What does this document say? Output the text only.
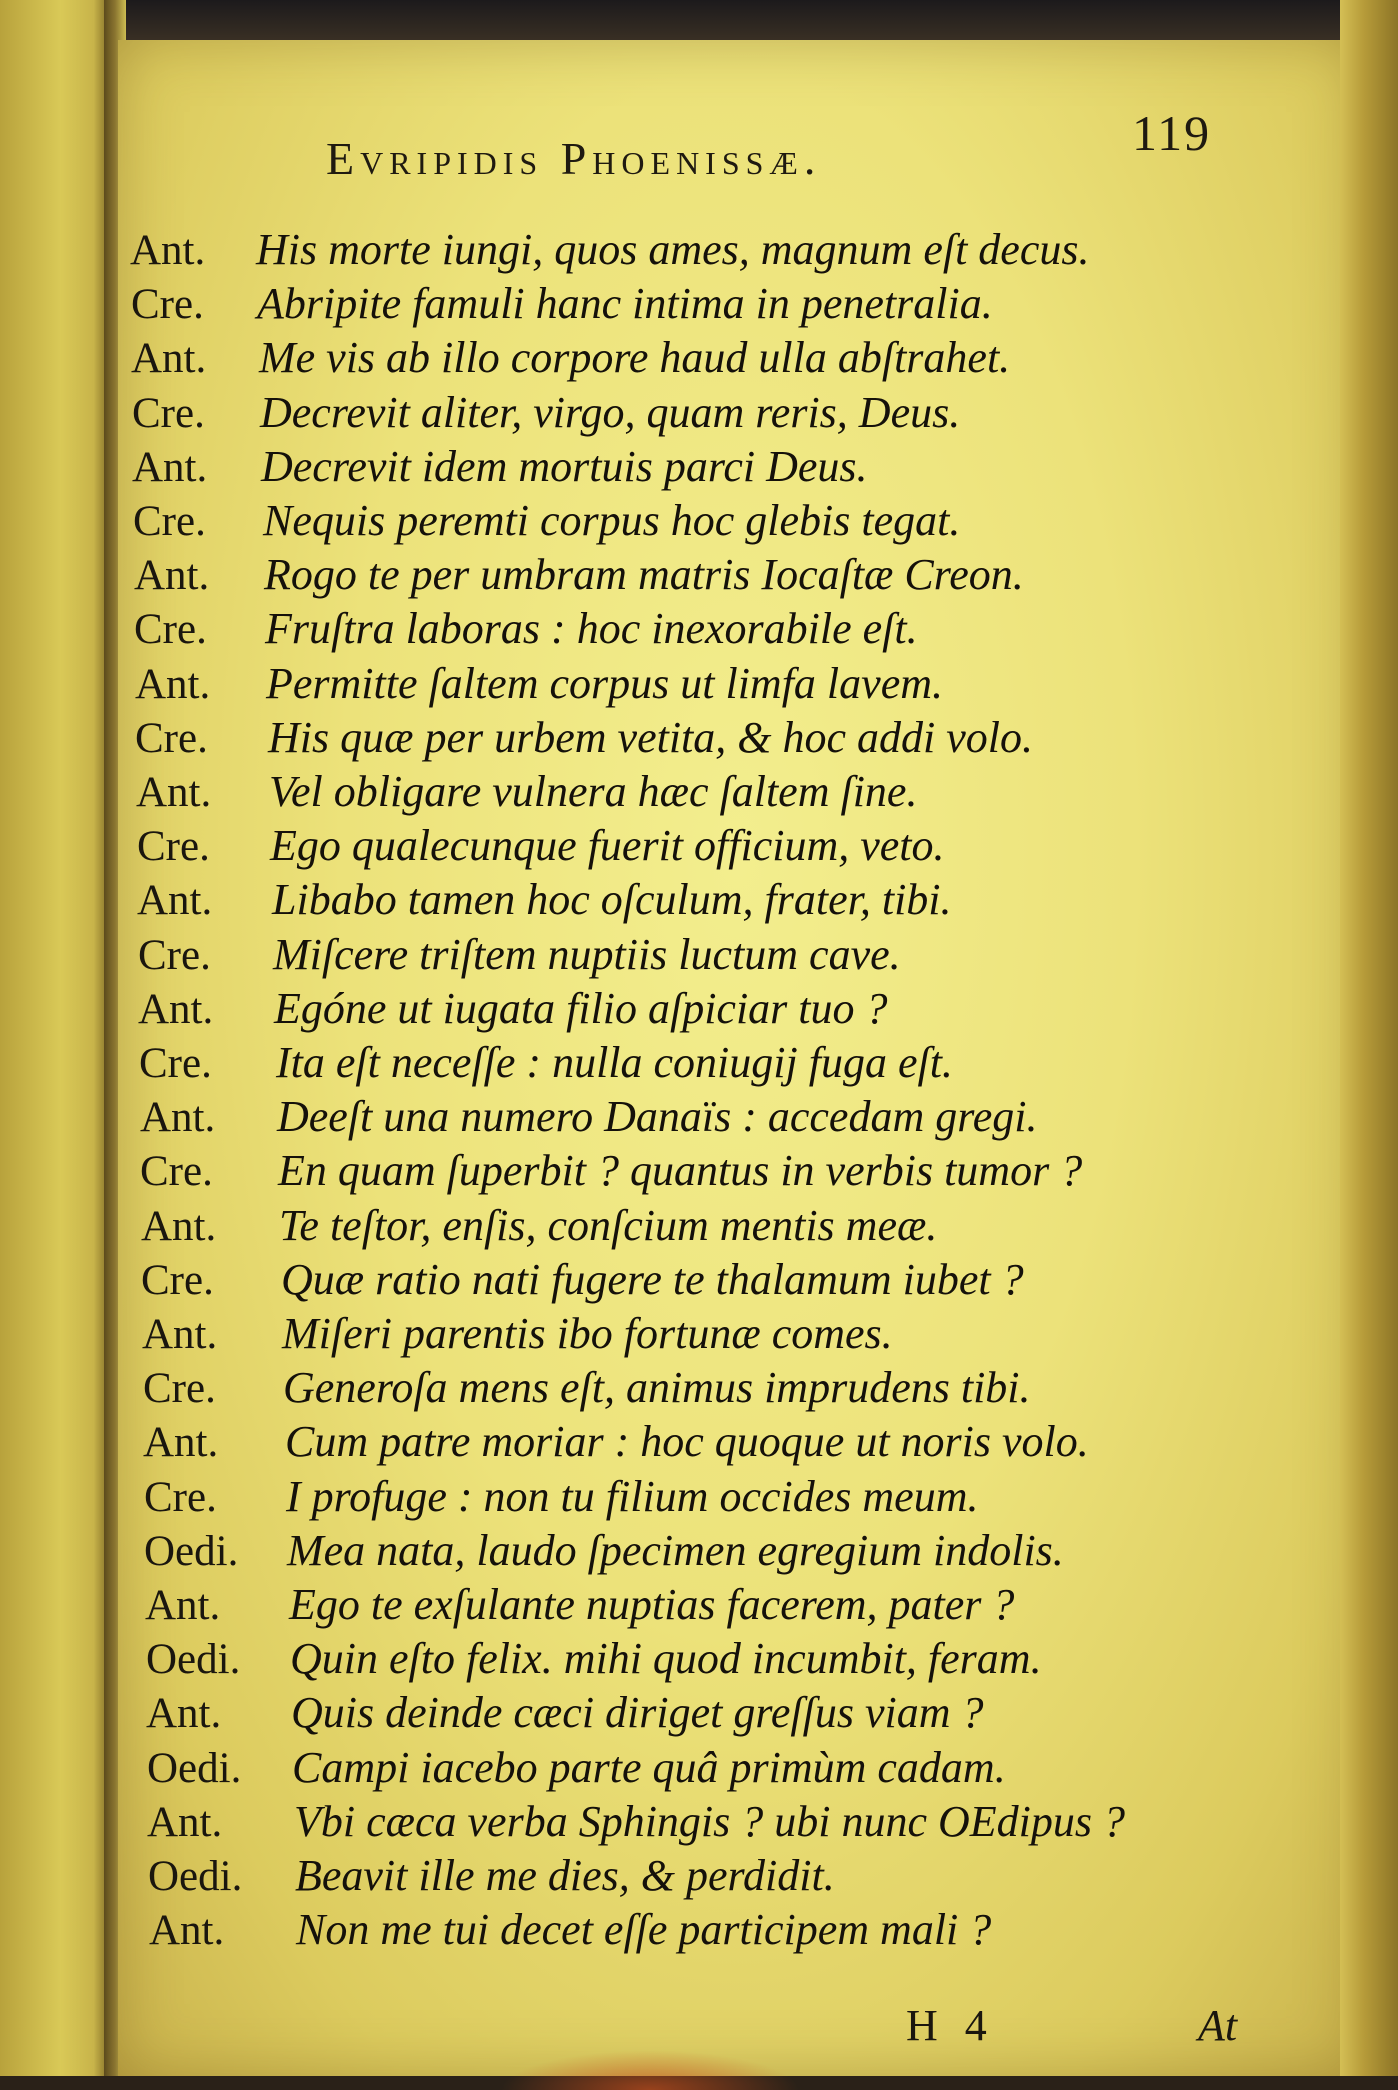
Evripidis Phoenissæ.	119
Ant. His morte iungi, quos ames, magnum eſt decus.
Cre. Abripite famuli hanc intima in penetralia.
Ant. Me vis ab illo corpore haud ulla abſtrahet.
Cre. Decrevit aliter, virgo, quam reris, Deus.
Ant. Decrevit idem mortuis parci Deus.
Cre. Nequis peremti corpus hoc glebis tegat.
Ant. Rogo te per umbram matris Iocaſtæ Creon.
Cre. Fruſtra laboras : hoc inexorabile eſt.
Ant. Permitte ſaltem corpus ut limfa lavem.
Cre. His quæ per urbem vetita, & hoc addi volo.
Ant. Vel obligare vulnera hæc ſaltem ſine.
Cre. Ego qualecunque fuerit officium, veto.
Ant. Libabo tamen hoc oſculum, frater, tibi.
Cre. Miſcere triſtem nuptiis luctum cave.
Ant. Egóne ut iugata filio aſpiciar tuo ?
Cre. Ita eſt neceſſe : nulla coniugij fuga eſt.
Ant. Deeſt una numero Danaïs : accedam gregi.
Cre. En quam ſuperbit ? quantus in verbis tumor ?
Ant. Te teſtor, enſis, conſcium mentis meæ.
Cre. Quæ ratio nati fugere te thalamum iubet ?
Ant. Miſeri parentis ibo fortunæ comes.
Cre. Generoſa mens eſt, animus imprudens tibi.
Ant. Cum patre moriar : hoc quoque ut noris volo.
Cre. I profuge : non tu filium occides meum.
Oedi. Mea nata, laudo ſpecimen egregium indolis.
Ant. Ego te exſulante nuptias facerem, pater ?
Oedi. Quin eſto felix. mihi quod incumbit, feram.
Ant. Quis deinde cæci diriget greſſus viam ?
Oedi. Campi iacebo parte quâ primùm cadam.
Ant. Vbi cæca verba Sphingis ? ubi nunc OEdipus ?
Oedi. Beavit ille me dies, & perdidit.
Ant. Non me tui decet eſſe participem mali ?
H 4	At
